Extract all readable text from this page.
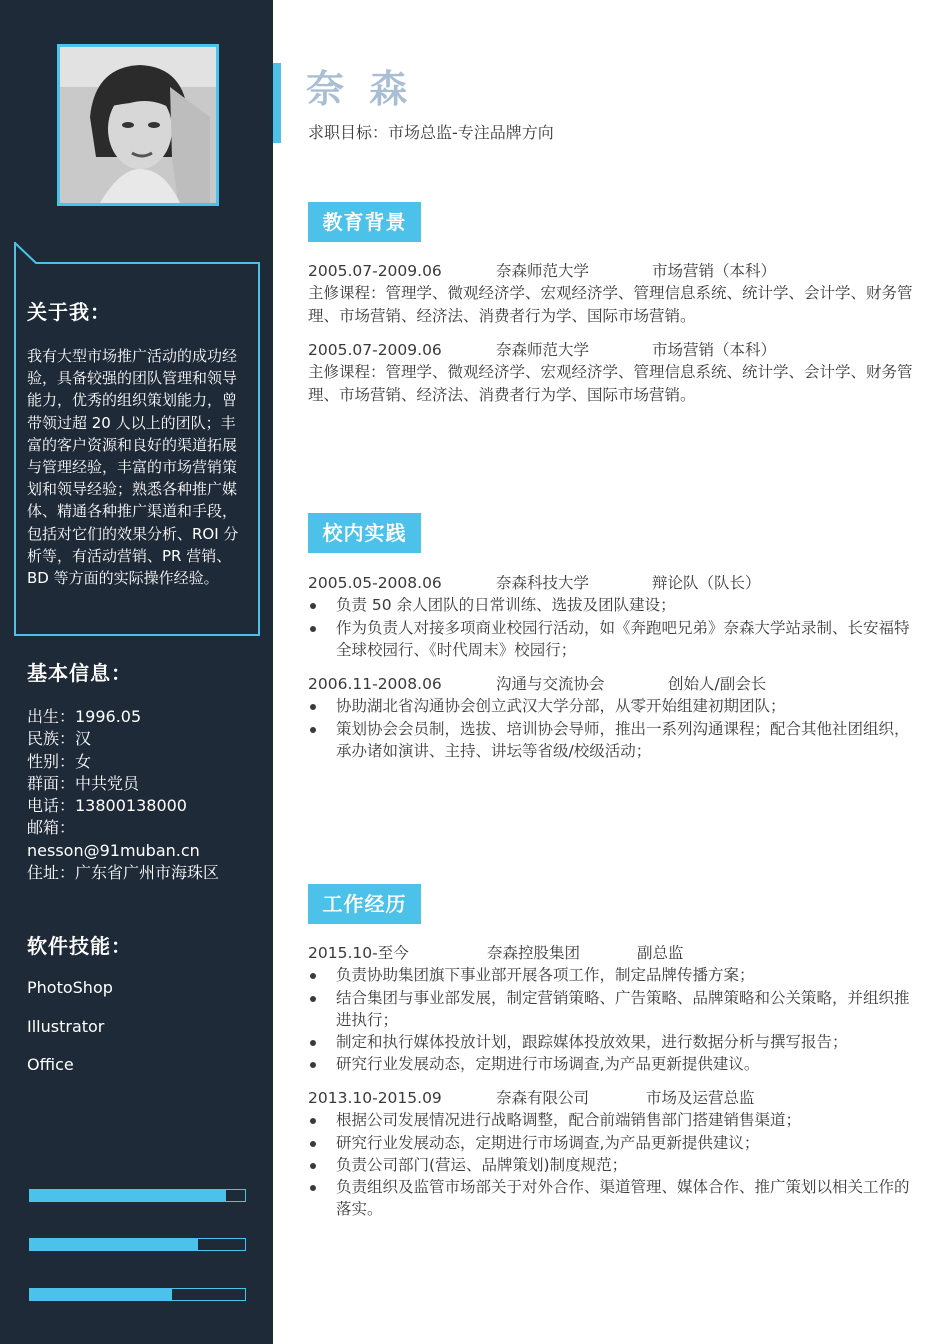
关于我：

我有大型市场推广活动的成功经验，具备较强的团队管理和领导能力，优秀的组织策划能力，曾带领过超 20 人以上的团队；丰富的客户资源和良好的渠道拓展与管理经验，丰富的市场营销策划和领导经验；熟悉各种推广媒体、精通各种推广渠道和手段，包括对它们的效果分析、ROI 分析等，有活动营销、PR 营销、BD 等方面的实际操作经验。

基本信息：
出生：1996.05
民族：汉
性别：女
群面：中共党员
电话：13800138000
邮箱：
nesson@91muban.cn
住址：广东省广州市海珠区
软件技能：
PhotoShop
Illustrator
Office
奈 森
求职目标：市场总监-专注品牌方向
教育背景
2005.07-2009.06	奈森师范大学	市场营销（本科）

主修课程：管理学、微观经济学、宏观经济学、管理信息系统、统计学、会计学、财务管理、市场营销、经济法、消费者行为学、国际市场营销。

2005.07-2009.06	奈森师范大学	市场营销（本科）

主修课程：管理学、微观经济学、宏观经济学、管理信息系统、统计学、会计学、财务管理、市场营销、经济法、消费者行为学、国际市场营销。

校内实践
2005.05-2008.06	奈森科技大学	辩论队（队长）
负责 50 余人团队的日常训练、选拔及团队建设；
作为负责人对接多项商业校园行活动，如《奔跑吧兄弟》奈森大学站录制、长安福特全球校园行、《时代周末》校园行；
2006.11-2008.06	沟通与交流协会	创始人/副会长
协助湖北省沟通协会创立武汉大学分部，从零开始组建初期团队；
策划协会会员制，选拔、培训协会导师，推出一系列沟通课程；配合其他社团组织，承办诸如演讲、主持、讲坛等省级/校级活动；
工作经历
2015.10-至今	奈森控股集团	副总监
负责协助集团旗下事业部开展各项工作，制定品牌传播方案；
结合集团与事业部发展，制定营销策略、广告策略、品牌策略和公关策略，并组织推进执行；
制定和执行媒体投放计划，跟踪媒体投放效果，进行数据分析与撰写报告；
研究行业发展动态，定期进行市场调查,为产品更新提供建议。
2013.10-2015.09	奈森有限公司	市场及运营总监
根据公司发展情况进行战略调整，配合前端销售部门搭建销售渠道；
研究行业发展动态，定期进行市场调查,为产品更新提供建议；
负责公司部门(营运、品牌策划)制度规范；
负责组织及监管市场部关于对外合作、渠道管理、媒体合作、推广策划以相关工作的落实。
